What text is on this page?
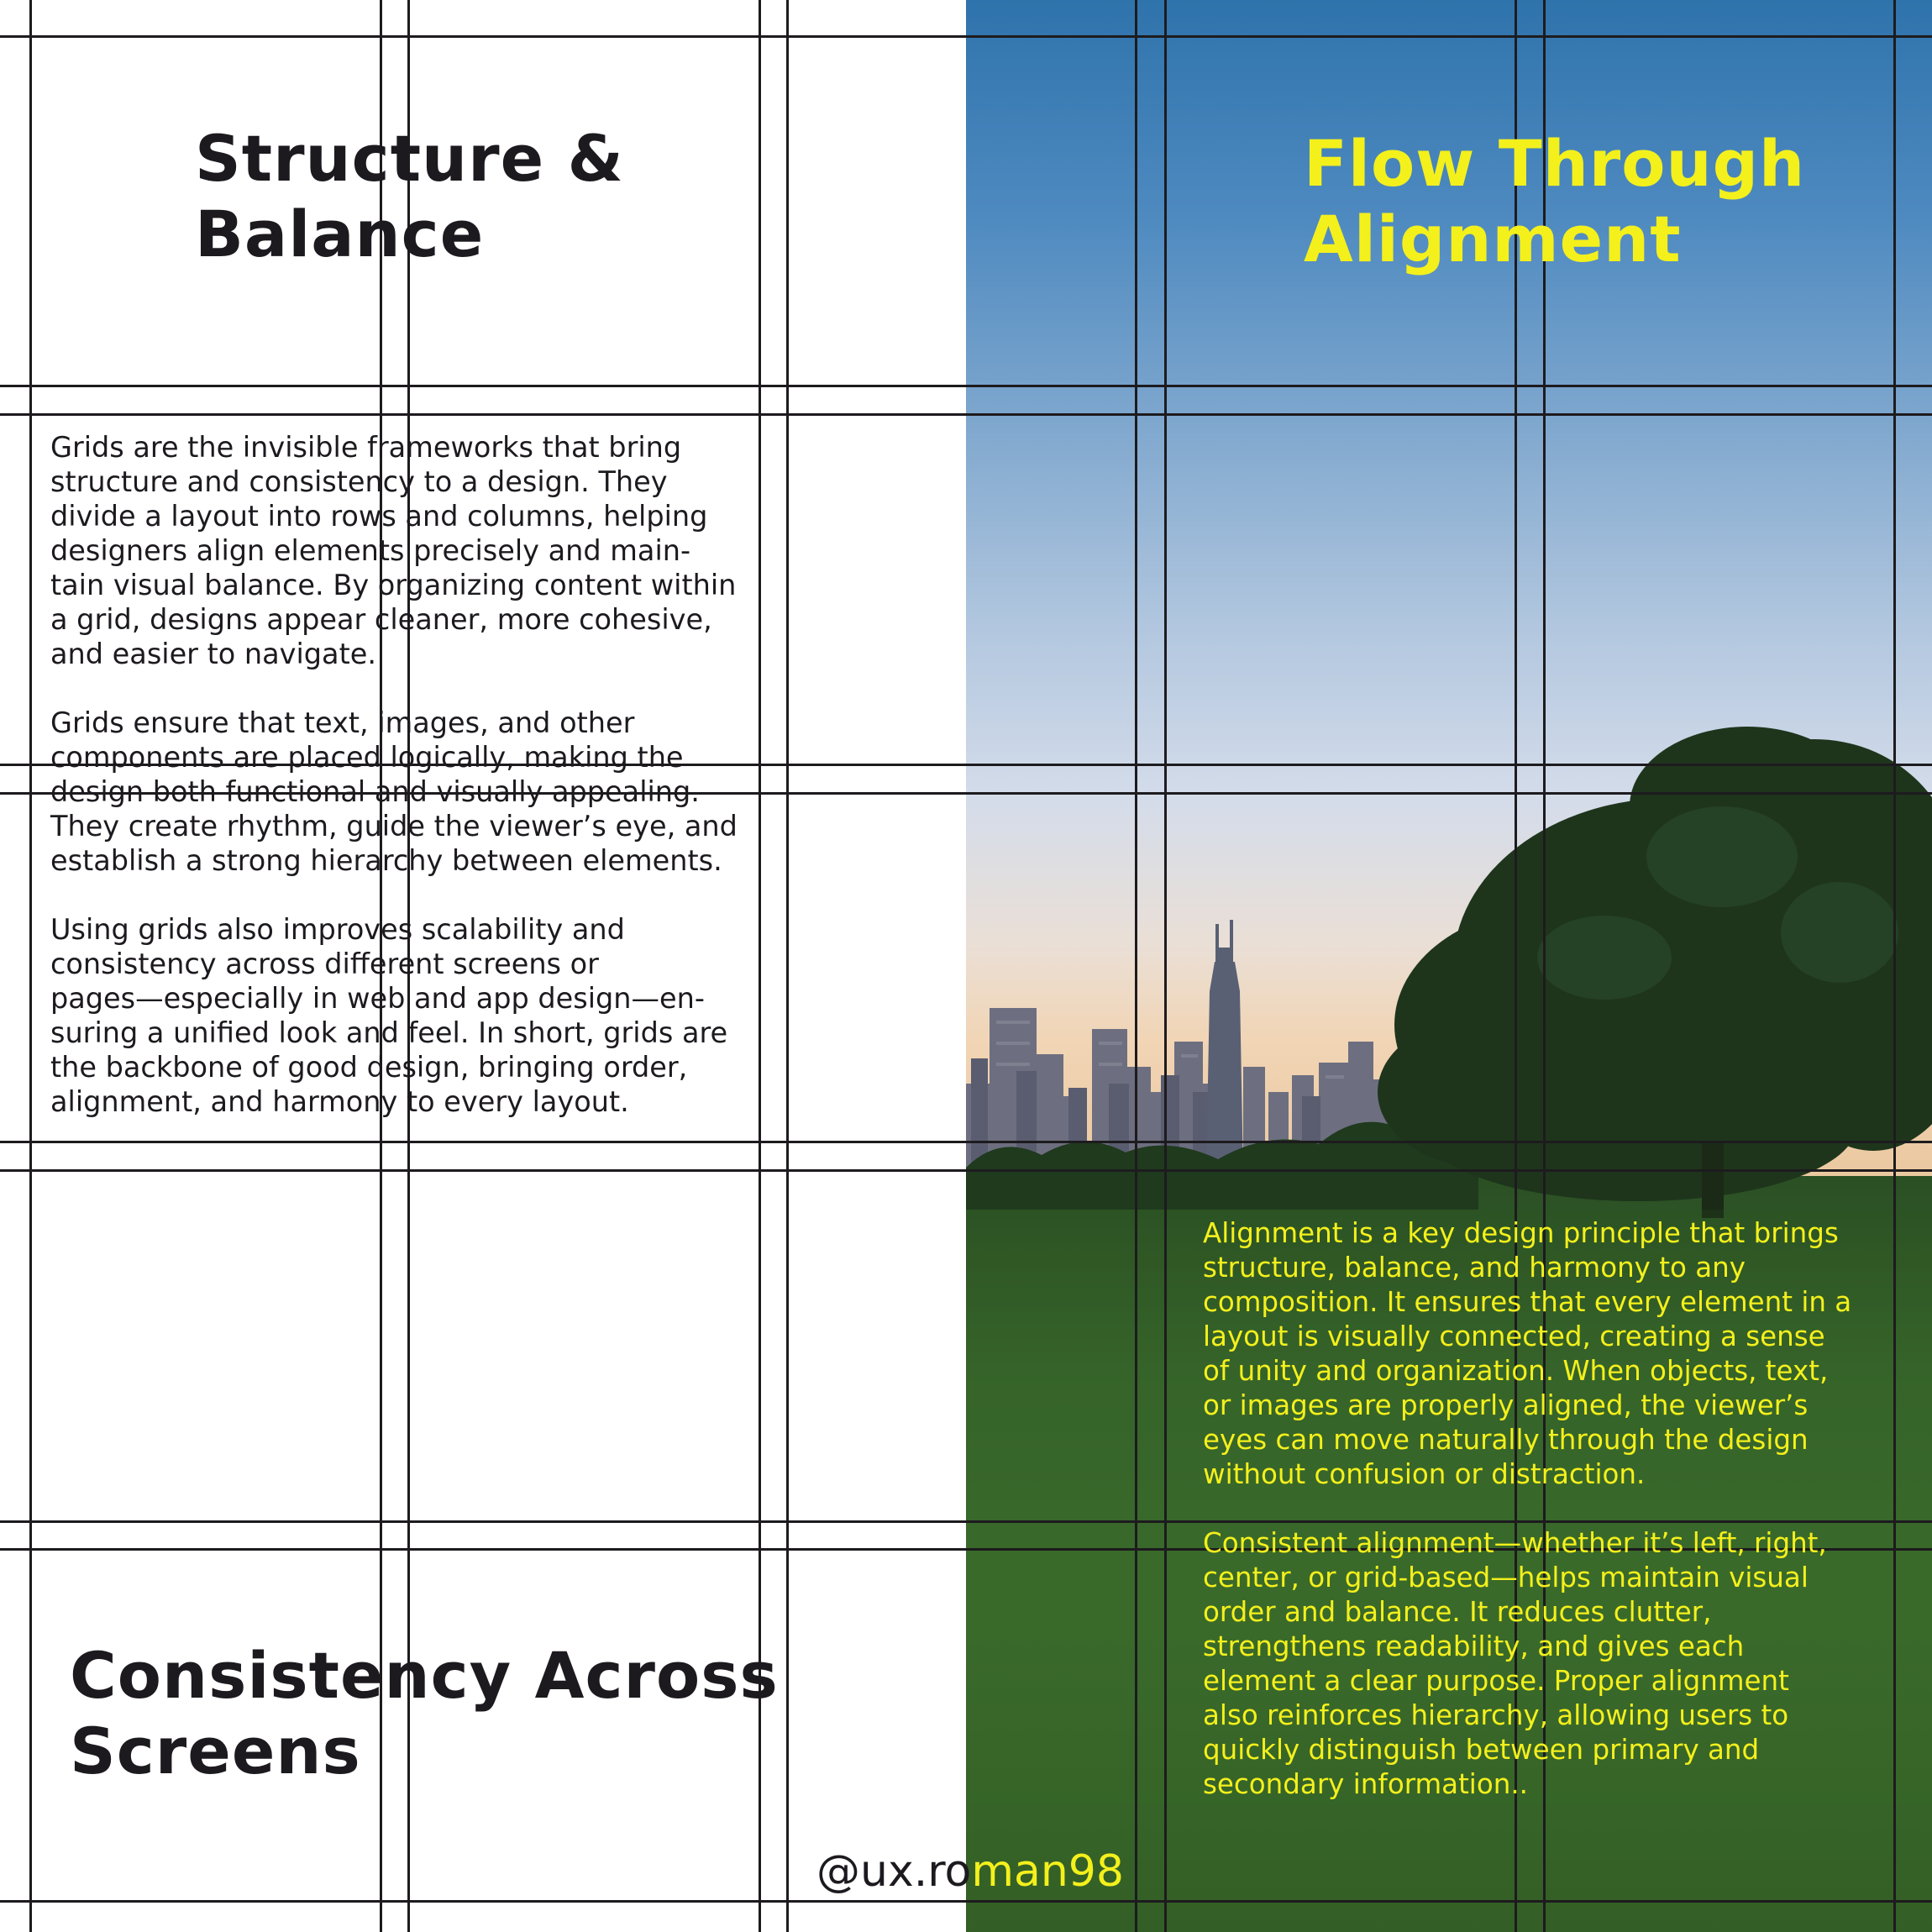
Structure &
Balance

Grids are the invisible frameworks that bring
structure and consistency to a design. They
divide a layout into rows and columns, helping
designers align elements precisely and main-
tain visual balance. By organizing content within
a grid, designs appear cleaner, more cohesive,
and easier to navigate.

Grids ensure that text, images, and other
components are placed logically, making the
design both functional and visually appealing.
They create rhythm, guide the viewer’s eye, and
establish a strong hierarchy between elements.

Using grids also improves scalability and
consistency across different screens or
pages—especially in web and app design—en-
suring a unified look and feel. In short, grids are
the backbone of good design, bringing order,
alignment, and harmony to every layout.

Consistency Across
Screens
Flow Through
Alignment

Alignment is a key design principle that brings
structure, balance, and harmony to any
composition. It ensures that every element in a
layout is visually connected, creating a sense
of unity and organization. When objects, text,
or images are properly aligned, the viewer’s
eyes can move naturally through the design
without confusion or distraction.

Consistent alignment—whether it’s left, right,
center, or grid-based—helps maintain visual
order and balance. It reduces clutter,
strengthens readability, and gives each
element a clear purpose. Proper alignment
also reinforces hierarchy, allowing users to
quickly distinguish between primary and
secondary information..

@ux.roman98
